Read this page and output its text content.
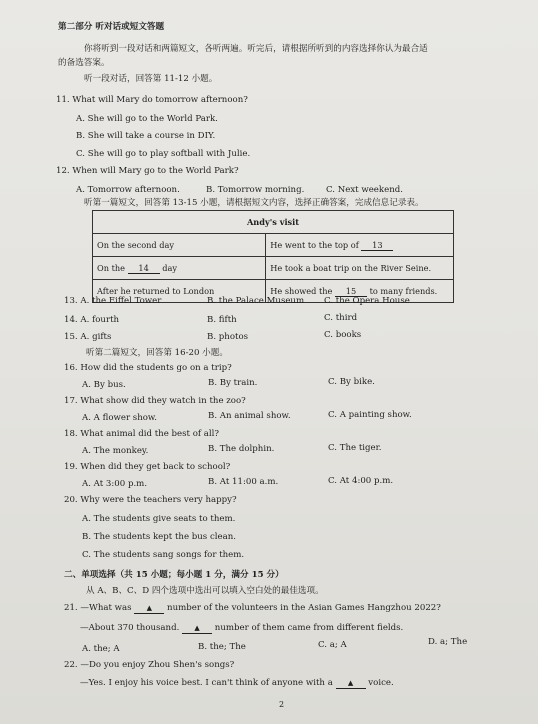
第二部分 听对话或短文答题
你将听到一段对话和两篇短文，各听两遍。听完后，请根据所听到的内容选择你认为最合适
的备选答案。
听一段对话，回答第 11-12 小题。
11. What will Mary do tomorrow afternoon?
A. She will go to the World Park.
B. She will take a course in DIY.
C. She will go to play softball with Julie.
12. When will Mary go to the World Park?
A. Tomorrow afternoon.	B. Tomorrow morning.	C. Next weekend.
听第一篇短文，回答第 13-15 小题，请根据短文内容，选择正确答案，完成信息记录表。
Andy's visit	
On the second day	He went to the top of 13
On the 14 day	He took a boat trip on the River Seine.
After he returned to London	He showed the 15 to many friends.
13. A. the Eiffel Tower	B. the Palace Museum C. the Opera House
14. A. fourth	B. fifth	C. third
15. A. gifts	B. photos	C. books
听第二篇短文，回答第 16-20 小题。
16. How did the students go on a trip?
A. By bus.	B. By train.	C. By bike.
17. What show did they watch in the zoo?
A. A flower show.	B. An animal show.	C. A painting show.
18. What animal did the best of all?
A. The monkey.	B. The dolphin.	C. The tiger.
19. When did they get back to school?
A. At 3:00 p.m.	B. At 11:00 a.m.	C. At 4:00 p.m.
20. Why were the teachers very happy?
A. The students give seats to them.
B. The students kept the bus clean.
C. The students sang songs for them.
二、单项选择（共 15 小题；每小题 1 分，满分 15 分）
从 A、B、C、D 四个选项中选出可以填入空白处的最佳选项。
21. —What was ▲ number of the volunteers in the Asian Games Hangzhou 2022?
—About 370 thousand. ▲ number of them came from different fields.
A. the; A	B. the; The	C. a; A	D. a; The
22. —Do you enjoy Zhou Shen's songs?
—Yes. I enjoy his voice best. I can't think of anyone with a ▲ voice.
2
